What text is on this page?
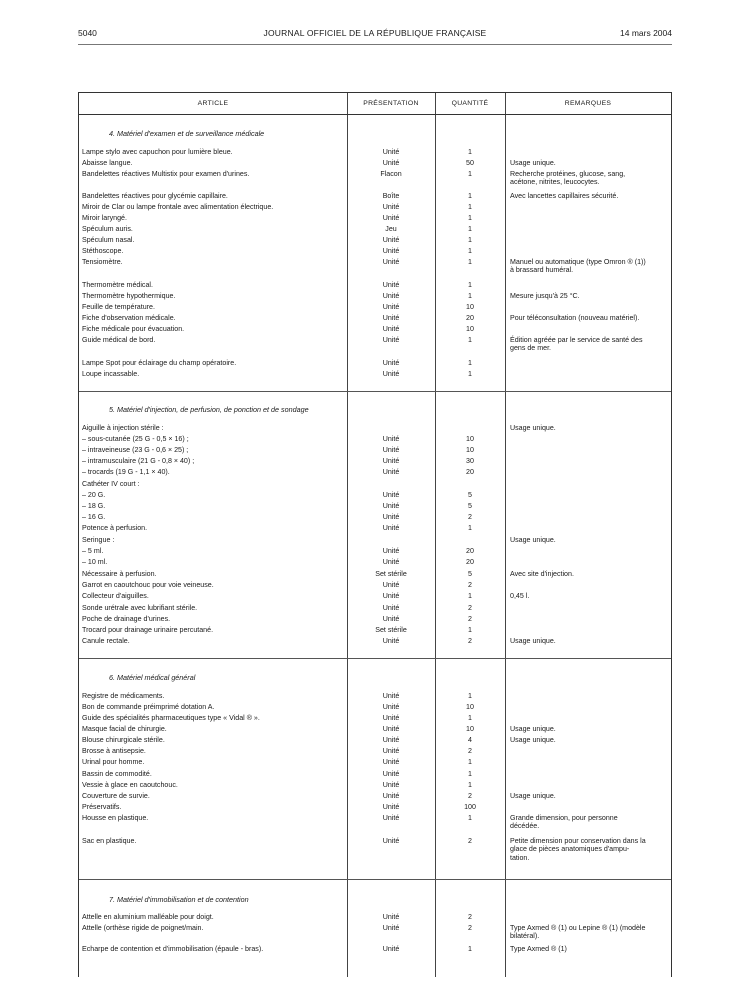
5040	JOURNAL OFFICIEL DE LA RÉPUBLIQUE FRANÇAISE	14 mars 2004
ARTICLE	PRÉSENTATION	QUANTITÉ	REMARQUES
4. Matériel d'examen et de surveillance médicale
Lampe stylo avec capuchon pour lumière bleue.	Unité	1
Abaisse langue.	Unité	50	Usage unique.
Bandelettes réactives Multistix pour examen d'urines.	Flacon	1	Recherche protéines, glucose, sang,
acétone, nitrites, leucocytes.
Bandelettes réactives pour glycémie capillaire.	Boîte	1	Avec lancettes capillaires sécurité.
Miroir de Clar ou lampe frontale avec alimentation électrique.	Unité	1
Miroir laryngé.	Unité	1
Spéculum auris.	Jeu	1
Spéculum nasal.	Unité	1
Stéthoscope.	Unité	1
Tensiomètre.	Unité	1	Manuel ou automatique (type Omron ® (1))
à brassard huméral.
Thermomètre médical.	Unité	1
Thermomètre hypothermique.	Unité	1	Mesure jusqu'à 25 °C.
Feuille de température.	Unité	10
Fiche d'observation médicale.	Unité	20	Pour téléconsultation (nouveau matériel).
Fiche médicale pour évacuation.	Unité	10
Guide médical de bord.	Unité	1	Édition agréée par le service de santé des
gens de mer.
Lampe Spot pour éclairage du champ opératoire.	Unité	1
Loupe incassable.	Unité	1
5. Matériel d'injection, de perfusion, de ponction et de sondage
Aiguille à injection stérile :	Usage unique.
– sous-cutanée (25 G - 0,5 × 16) ;	Unité	10
– intraveineuse (23 G - 0,6 × 25) ;	Unité	10
– intramusculaire (21 G - 0,8 × 40) ;	Unité	30
– trocards (19 G - 1,1 × 40).	Unité	20
Cathéter IV court :
– 20 G.	Unité	5
– 18 G.	Unité	5
– 16 G.	Unité	2
Potence à perfusion.	Unité	1
Seringue :	Usage unique.
– 5 ml.	Unité	20
– 10 ml.	Unité	20
Nécessaire à perfusion.	Set stérile	5	Avec site d'injection.
Garrot en caoutchouc pour voie veineuse.	Unité	2
Collecteur d'aiguilles.	Unité	1	0,45 l.
Sonde urétrale avec lubrifiant stérile.	Unité	2
Poche de drainage d'urines.	Unité	2
Trocard pour drainage urinaire percutané.	Set stérile	1
Canule rectale.	Unité	2	Usage unique.
6. Matériel médical général
Registre de médicaments.	Unité	1
Bon de commande préimprimé dotation A.	Unité	10
Guide des spécialités pharmaceutiques type « Vidal ® ».	Unité	1
Masque facial de chirurgie.	Unité	10	Usage unique.
Blouse chirurgicale stérile.	Unité	4	Usage unique.
Brosse à antisepsie.	Unité	2
Urinal pour homme.	Unité	1
Bassin de commodité.	Unité	1
Vessie à glace en caoutchouc.	Unité	1
Couverture de survie.	Unité	2	Usage unique.
Préservatifs.	Unité	100
Housse en plastique.	Unité	1	Grande dimension, pour personne
décédée.
Sac en plastique.	Unité	2	Petite dimension pour conservation dans la
glace de pièces anatomiques d'ampu-
tation.
7. Matériel d'immobilisation et de contention
Attelle en aluminium malléable pour doigt.	Unité	2
Attelle (orthèse rigide de poignet/main.	Unité	2	Type Axmed ® (1) ou Lepine ® (1) (modèle
bilatéral).
Echarpe de contention et d'immobilisation (épaule - bras).	Unité	1	Type Axmed ® (1)
